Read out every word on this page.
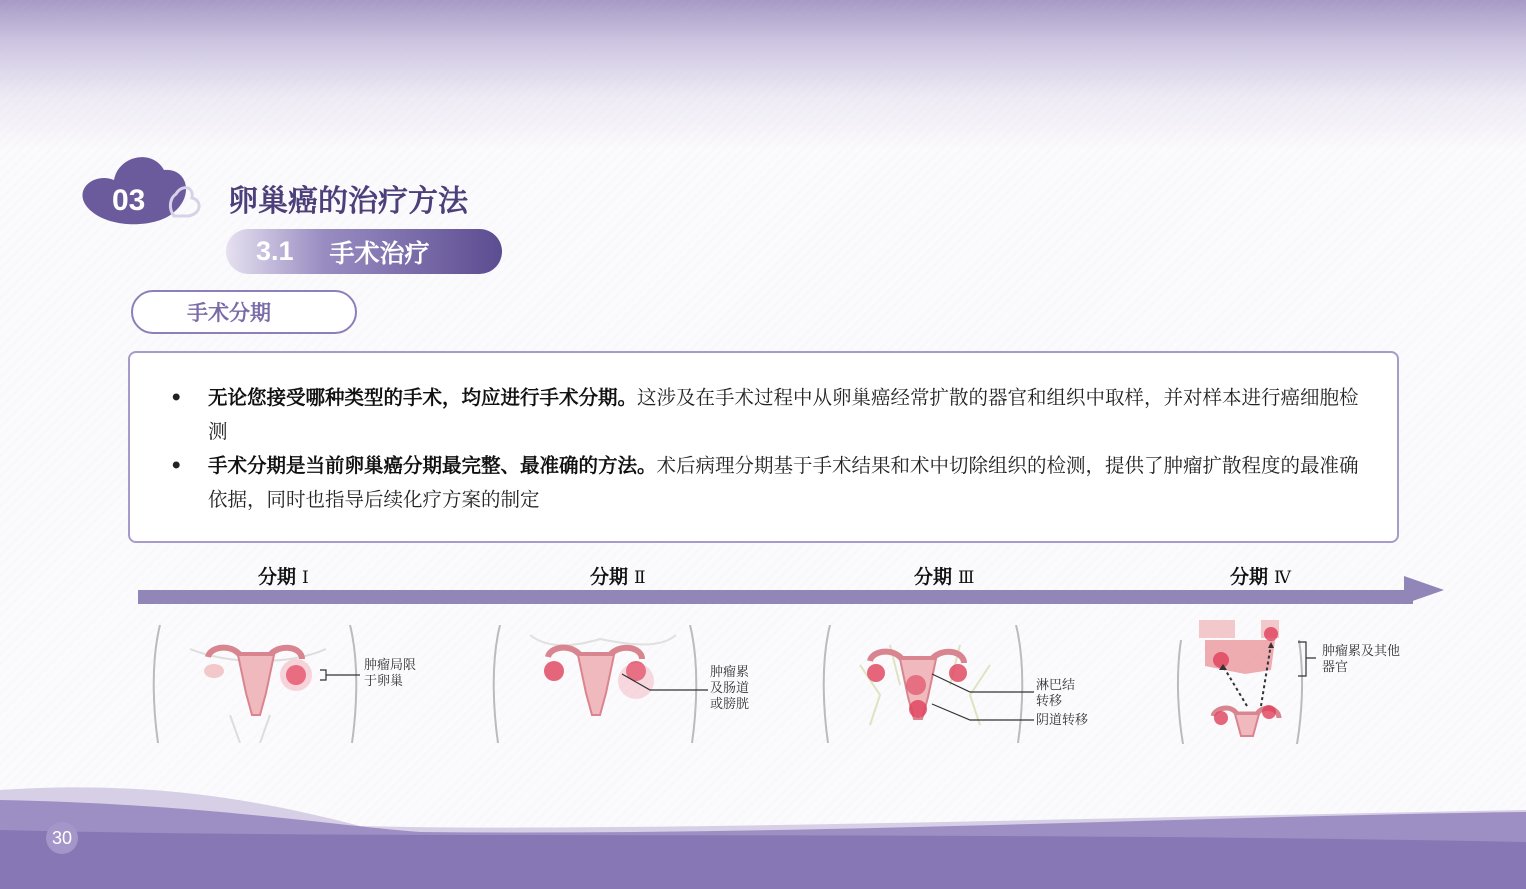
03	卵巢癌的治疗方法
3.1 手术治疗
手术分期
•	无论您接受哪种类型的手术，均应进行手术分期。这涉及在手术过程中从卵巢癌经常扩散的器官和组织中取样，并对样本进行癌细胞检测
•	手术分期是当前卵巢癌分期最完整、最准确的方法。术后病理分期基于手术结果和术中切除组织的检测，提供了肿瘤扩散程度的最准确依据，同时也指导后续化疗方案的制定
分期 Ⅰ	分期 Ⅱ	分期 Ⅲ	分期 Ⅳ
肿瘤局限
于卵巢
肿瘤累
及肠道
或膀胱
淋巴结
转移
阴道转移
肿瘤累及其他
器官
30
